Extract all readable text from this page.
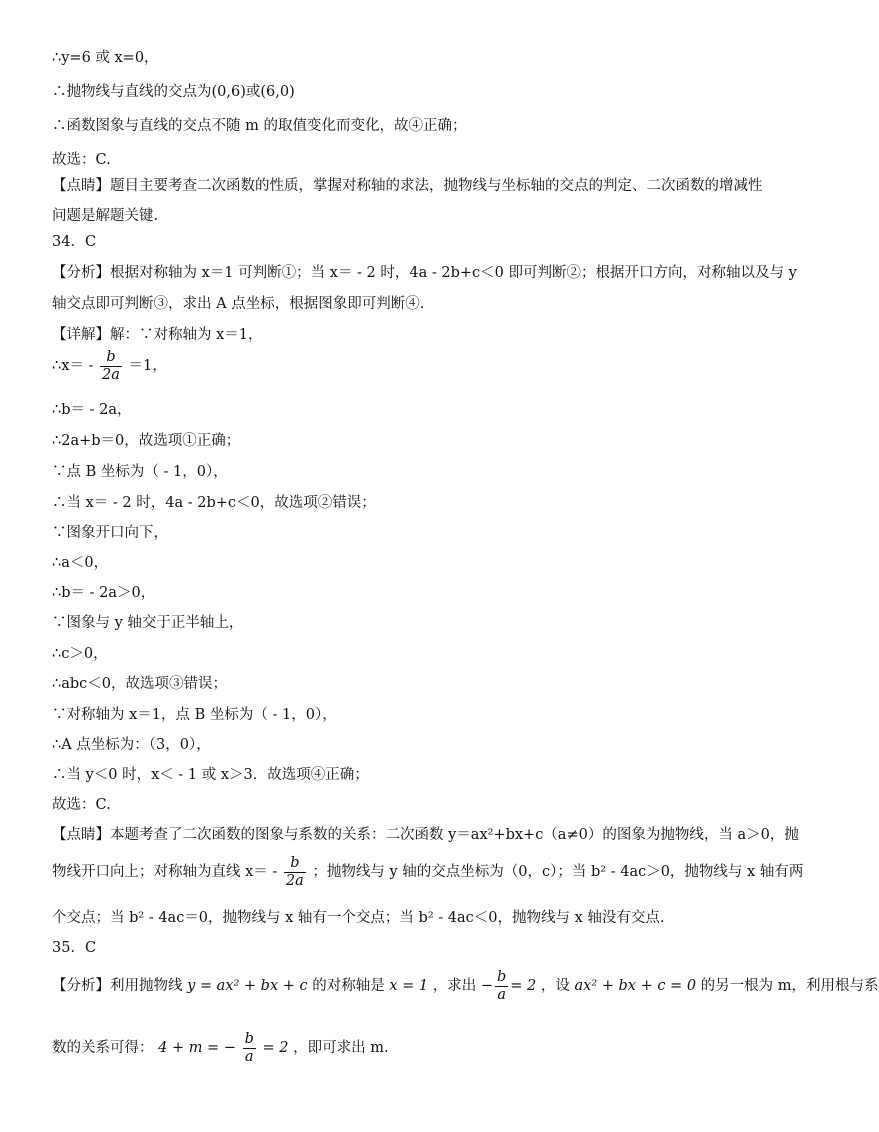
∴y=6 或 x=0，
∴抛物线与直线的交点为(0,6)或(6,0)
∴函数图象与直线的交点不随 m 的取值变化而变化，故④正确；
故选：C.
【点睛】题目主要考查二次函数的性质，掌握对称轴的求法，抛物线与坐标轴的交点的判定、二次函数的增减性
问题是解题关键.
34．C
【分析】根据对称轴为 x＝1 可判断①；当 x＝ - 2 时，4a - 2b+c＜0 即可判断②；根据开口方向，对称轴以及与 y
轴交点即可判断③，求出 A 点坐标，根据图象即可判断④.
【详解】解：∵对称轴为 x＝1，
∴x＝ - $\frac{b}{2a} =1$，
∴b＝ - 2a，
∴2a+b＝0，故选项①正确；
∵点 B 坐标为（ - 1，0），
∴当 x＝ - 2 时，4a - 2b+c＜0，故选项②错误；
∵图象开口向下，
∴a＜0，
∴b＝ - 2a＞0，
∵图象与 y 轴交于正半轴上，
∴c＞0，
∴abc＜0，故选项③错误；
∵对称轴为 x＝1，点 B 坐标为（ - 1，0），
∴A 点坐标为：（3，0），
∴当 y＜0 时，x＜ - 1 或 x＞3．故选项④正确；
故选：C.
【点睛】本题考查了二次函数的图象与系数的关系：二次函数 y＝ax²+bx+c（a≠0）的图象为抛物线，当 a＞0，抛
物线开口向上；对称轴为直线 $x= - \frac{b}{2a}$ ；抛物线与 y 轴的交点坐标为（0，c）；当 b² - 4ac＞0，抛物线与 x 轴有两
个交点；当 b² - 4ac＝0，抛物线与 x 轴有一个交点；当 b² - 4ac＜0，抛物线与 x 轴没有交点.
35．C
【分析】利用抛物线 y = ax² + bx + c 的对称轴是 x = 1 ，求出 − $\frac{b}{a} = 2$ ，设 ax² + bx + c = 0 的另一根为 m，利用根与系
数的关系可得： 4 + m = − $\frac{b}{a} = 2$ ，即可求出 m.
